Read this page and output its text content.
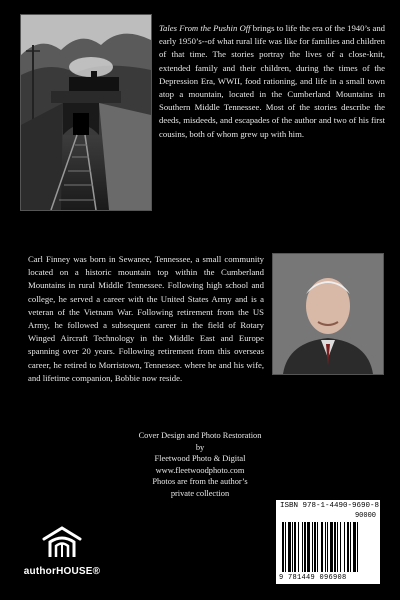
Tales From the Pushin Off brings to life the era of the 1940’s and early 1950’s--of what rural life was like for families and children of that time. The stories portray the lives of a close-knit, extended family and their children, during the times of the Depression Era, WWII, food rationing, and life in a small town atop a mountain, located in the Cumberland Mountains in Southern Middle Tennessee. Most of the stories describe the deeds, misdeeds, and escapades of the author and two of his first cousins, both of whom grew up with him.

Carl Finney was born in Sewanee, Tennessee, a small community located on a historic mountain top within the Cumberland Mountains in rural Middle Tennessee. Following high school and college, he served a career with the United States Army and is a veteran of the Vietnam War. Following retirement from the US Army, he followed a subsequent career in the field of Rotary Winged Aircraft Technology in the Middle East and Europe spanning over 20 years. Following retirement from this overseas career, he retired to Morristown, Tennessee. where he and his wife, and lifetime companion, Bobbie now reside.

Cover Design and Photo Restoration
by
Fleetwood Photo & Digital
www.fleetwoodphoto.com
Photos are from the author’s
private collection
authorHOUSE®
ISBN 978-1-4490-9690-8
90000
9 781449 096908
